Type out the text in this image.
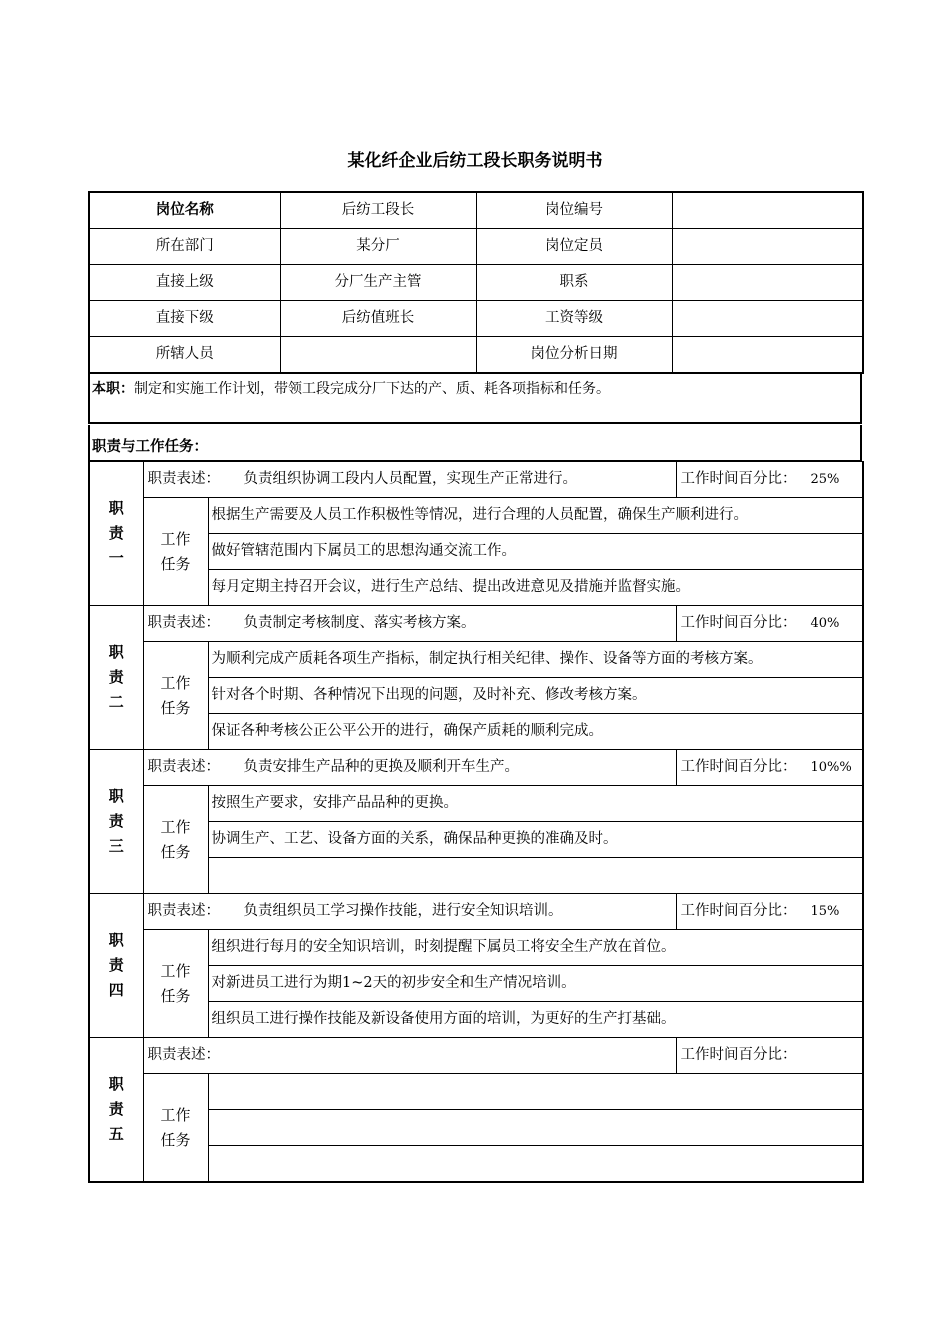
某化纤企业后纺工段长职务说明书
岗位名称	后纺工段长	岗位编号	
所在部门	某分厂	岗位定员	
直接上级	分厂生产主管	职系	
直接下级	后纺值班长	工资等级	
所辖人员		岗位分析日期	
本职：制定和实施工作计划，带领工段完成分厂下达的产、质、耗各项指标和任务。
职责与工作任务：
职
责
一	职责表述： 负责组织协调工段内人员配置，实现生产正常进行。		工作时间百分比： 25%
	工作
任务	根据生产需要及人员工作积极性等情况，进行合理的人员配置，确保生产顺利进行。	
		做好管辖范围内下属员工的思想沟通交流工作。	
		每月定期主持召开会议，进行生产总结、提出改进意见及措施并监督实施。	
职
责
二	职责表述： 负责制定考核制度、落实考核方案。		工作时间百分比： 40%
	工作
任务	为顺利完成产质耗各项生产指标，制定执行相关纪律、操作、设备等方面的考核方案。	
		针对各个时期、各种情况下出现的问题，及时补充、修改考核方案。	
		保证各种考核公正公平公开的进行，确保产质耗的顺利完成。	
职
责
三	职责表述： 负责安排生产品种的更换及顺利开车生产。		工作时间百分比： 10%%
	工作
任务	按照生产要求，安排产品品种的更换。	
		协调生产、工艺、设备方面的关系，确保品种更换的准确及时。	

职
责
四	职责表述： 负责组织员工学习操作技能，进行安全知识培训。		工作时间百分比： 15%
	工作
任务	组织进行每月的安全知识培训，时刻提醒下属员工将安全生产放在首位。	
		对新进员工进行为期1~2天的初步安全和生产情况培训。	
		组织员工进行操作技能及新设备使用方面的培训，为更好的生产打基础。	
职
责
五	职责表述：		工作时间百分比：
	工作
任务		
